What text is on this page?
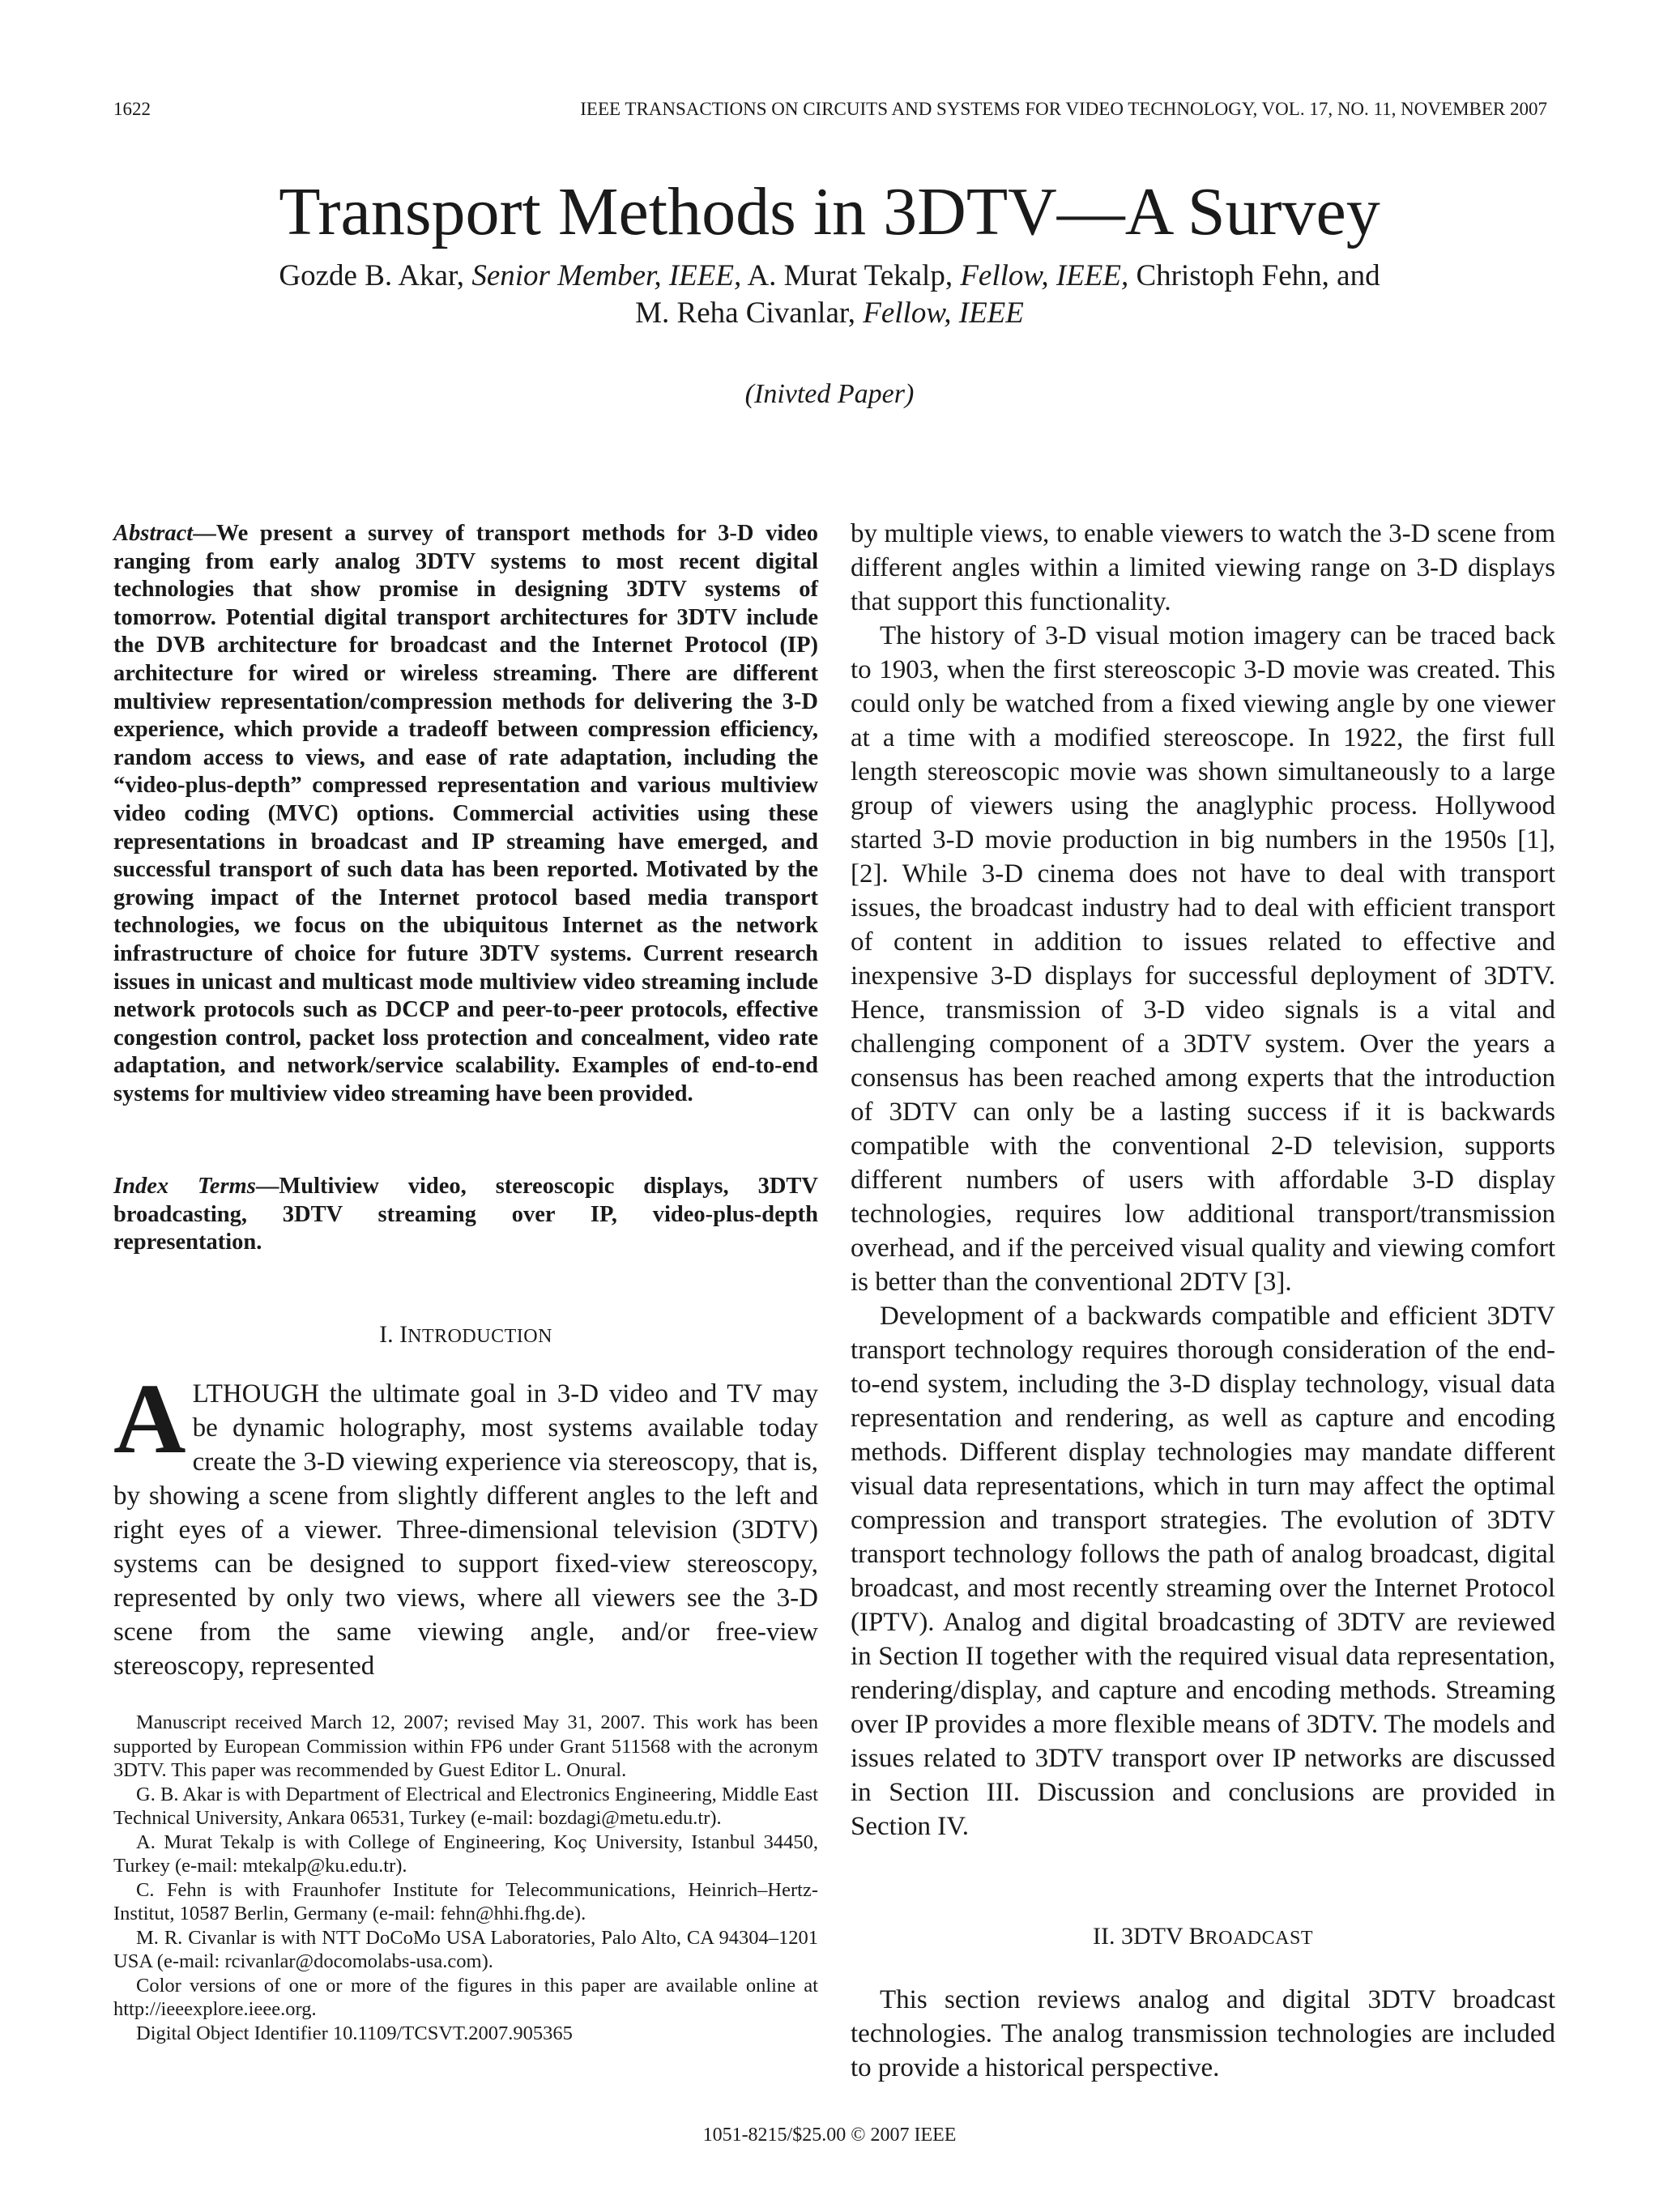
1622	IEEE TRANSACTIONS ON CIRCUITS AND SYSTEMS FOR VIDEO TECHNOLOGY, VOL. 17, NO. 11, NOVEMBER 2007
Transport Methods in 3DTV—A Survey
Gozde B. Akar, Senior Member, IEEE, A. Murat Tekalp, Fellow, IEEE, Christoph Fehn, and
M. Reha Civanlar, Fellow, IEEE
(Inivted Paper)
Abstract—We present a survey of transport methods for 3-D video ranging from early analog 3DTV systems to most recent digital technologies that show promise in designing 3DTV systems of tomorrow. Potential digital transport architectures for 3DTV include the DVB architecture for broadcast and the Internet Protocol (IP) architecture for wired or wireless streaming. There are different multiview representation/compression methods for delivering the 3-D experience, which provide a tradeoff between compression efficiency, random access to views, and ease of rate adaptation, including the “video-plus-depth” compressed representation and various multiview video coding (MVC) options. Commercial activities using these representations in broadcast and IP streaming have emerged, and successful transport of such data has been reported. Motivated by the growing impact of the Internet protocol based media transport technologies, we focus on the ubiquitous Internet as the network infrastructure of choice for future 3DTV systems. Current research issues in unicast and multicast mode multiview video streaming include network protocols such as DCCP and peer-to-peer protocols, effective congestion control, packet loss protection and concealment, video rate adaptation, and network/service scalability. Examples of end-to-end systems for multiview video streaming have been provided.
Index Terms—Multiview video, stereoscopic displays, 3DTV broadcasting, 3DTV streaming over IP, video-plus-depth representation.
I. INTRODUCTION
ALTHOUGH the ultimate goal in 3-D video and TV may be dynamic holography, most systems available today create the 3-D viewing experience via stereoscopy, that is, by showing a scene from slightly different angles to the left and right eyes of a viewer. Three-dimensional television (3DTV) systems can be designed to support fixed-view stereoscopy, represented by only two views, where all viewers see the 3-D scene from the same viewing angle, and/or free-view stereoscopy, represented

Manuscript received March 12, 2007; revised May 31, 2007. This work has been supported by European Commission within FP6 under Grant 511568 with the acronym 3DTV. This paper was recommended by Guest Editor L. Onural.

G. B. Akar is with Department of Electrical and Electronics Engineering, Middle East Technical University, Ankara 06531, Turkey (e-mail: bozdagi@metu.edu.tr).

A. Murat Tekalp is with College of Engineering, Koç University, Istanbul 34450, Turkey (e-mail: mtekalp@ku.edu.tr).

C. Fehn is with Fraunhofer Institute for Telecommunications, Heinrich–Hertz-Institut, 10587 Berlin, Germany (e-mail: fehn@hhi.fhg.de).

M. R. Civanlar is with NTT DoCoMo USA Laboratories, Palo Alto, CA 94304–1201 USA (e-mail: rcivanlar@docomolabs-usa.com).

Color versions of one or more of the figures in this paper are available online at http://ieeexplore.ieee.org.

Digital Object Identifier 10.1109/TCSVT.2007.905365

by multiple views, to enable viewers to watch the 3-D scene from different angles within a limited viewing range on 3-D displays that support this functionality.

The history of 3-D visual motion imagery can be traced back to 1903, when the first stereoscopic 3-D movie was created. This could only be watched from a fixed viewing angle by one viewer at a time with a modified stereoscope. In 1922, the first full length stereoscopic movie was shown simultaneously to a large group of viewers using the anaglyphic process. Hollywood started 3-D movie production in big numbers in the 1950s [1], [2]. While 3-D cinema does not have to deal with transport issues, the broadcast industry had to deal with efficient transport of content in addition to issues related to effective and inexpensive 3-D displays for successful deployment of 3DTV. Hence, transmission of 3-D video signals is a vital and challenging component of a 3DTV system. Over the years a consensus has been reached among experts that the introduction of 3DTV can only be a lasting success if it is backwards compatible with the conventional 2-D television, supports different numbers of users with affordable 3-D display technologies, requires low additional transport/transmission overhead, and if the perceived visual quality and viewing comfort is better than the conventional 2DTV [3].

Development of a backwards compatible and efficient 3DTV transport technology requires thorough consideration of the end-to-end system, including the 3-D display technology, visual data representation and rendering, as well as capture and encoding methods. Different display technologies may mandate different visual data representations, which in turn may affect the optimal compression and transport strategies. The evolution of 3DTV transport technology follows the path of analog broadcast, digital broadcast, and most recently streaming over the Internet Protocol (IPTV). Analog and digital broadcasting of 3DTV are reviewed in Section II together with the required visual data representation, rendering/display, and capture and encoding methods. Streaming over IP provides a more flexible means of 3DTV. The models and issues related to 3DTV transport over IP networks are discussed in Section III. Discussion and conclusions are provided in Section IV.

II. 3DTV BROADCAST
This section reviews analog and digital 3DTV broadcast technologies. The analog transmission technologies are included to provide a historical perspective.
1051-8215/$25.00 © 2007 IEEE
